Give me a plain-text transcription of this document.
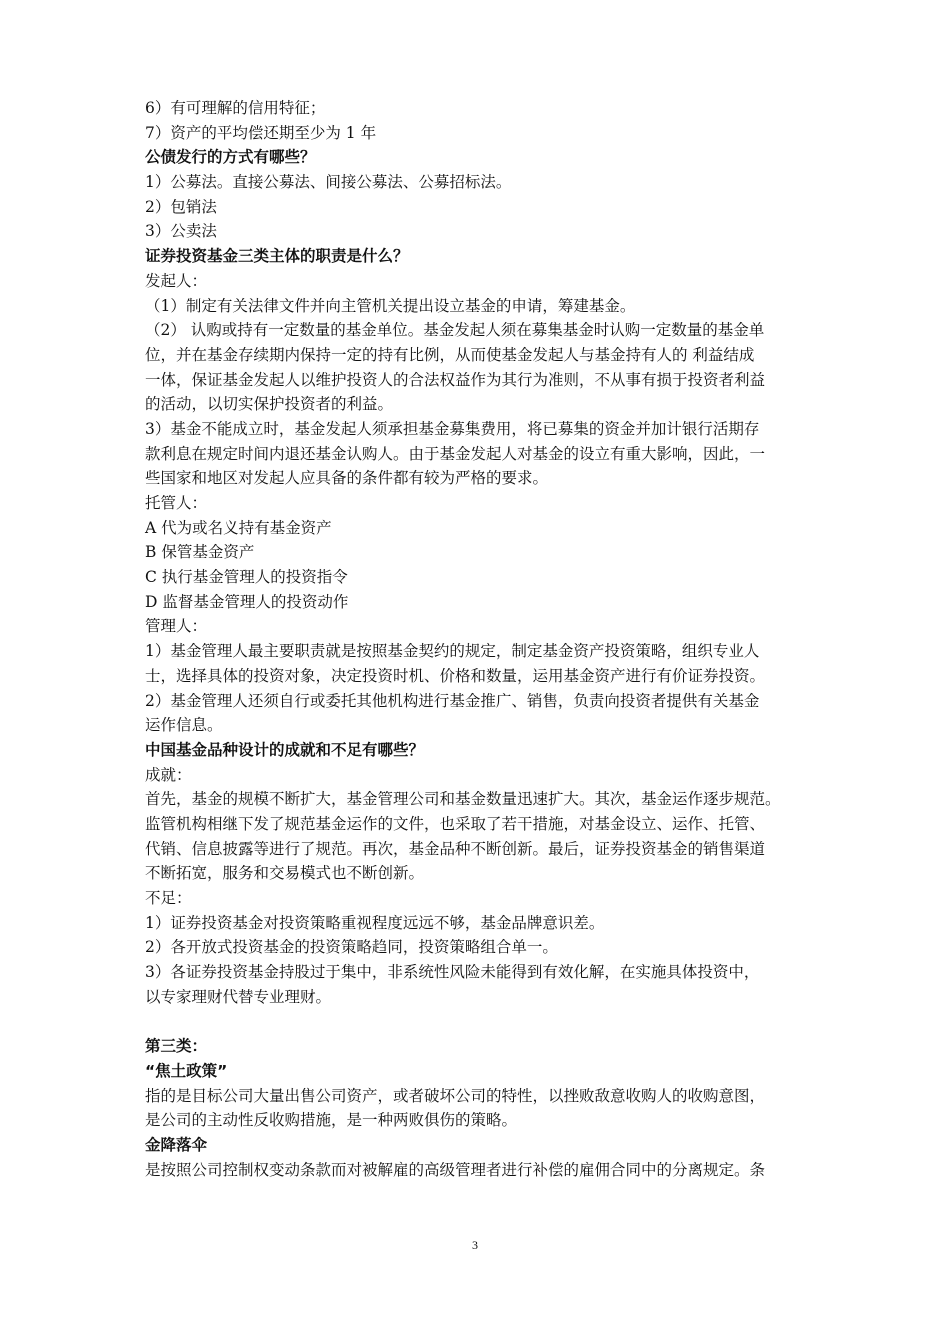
6）有可理解的信用特征；
7）资产的平均偿还期至少为 1 年
公债发行的方式有哪些？
1）公募法。直接公募法、间接公募法、公募招标法。
2）包销法
3）公卖法
证券投资基金三类主体的职责是什么？
发起人：
（1）制定有关法律文件并向主管机关提出设立基金的申请，筹建基金。
（2） 认购或持有一定数量的基金单位。基金发起人须在募集基金时认购一定数量的基金单
位，并在基金存续期内保持一定的持有比例，从而使基金发起人与基金持有人的 利益结成
一体，保证基金发起人以维护投资人的合法权益作为其行为准则，不从事有损于投资者利益
的活动，以切实保护投资者的利益。
3）基金不能成立时，基金发起人须承担基金募集费用，将已募集的资金并加计银行活期存
款利息在规定时间内退还基金认购人。由于基金发起人对基金的设立有重大影响，因此，一
些国家和地区对发起人应具备的条件都有较为严格的要求。
托管人：
A 代为或名义持有基金资产
B 保管基金资产
C 执行基金管理人的投资指令
D 监督基金管理人的投资动作
管理人：
1）基金管理人最主要职责就是按照基金契约的规定，制定基金资产投资策略，组织专业人
士，选择具体的投资对象，决定投资时机、价格和数量，运用基金资产进行有价证券投资。
2）基金管理人还须自行或委托其他机构进行基金推广、销售，负责向投资者提供有关基金
运作信息。
中国基金品种设计的成就和不足有哪些？
成就：
首先，基金的规模不断扩大，基金管理公司和基金数量迅速扩大。其次，基金运作逐步规范。
监管机构相继下发了规范基金运作的文件，也采取了若干措施，对基金设立、运作、托管、
代销、信息披露等进行了规范。再次，基金品种不断创新。最后，证券投资基金的销售渠道
不断拓宽，服务和交易模式也不断创新。
不足：
1）证券投资基金对投资策略重视程度远远不够，基金品牌意识差。
2）各开放式投资基金的投资策略趋同，投资策略组合单一。
3）各证券投资基金持股过于集中，非系统性风险未能得到有效化解，在实施具体投资中，
以专家理财代替专业理财。
第三类：
“焦土政策”
指的是目标公司大量出售公司资产，或者破坏公司的特性，以挫败敌意收购人的收购意图，
是公司的主动性反收购措施，是一种两败俱伤的策略。
金降落伞
是按照公司控制权变动条款而对被解雇的高级管理者进行补偿的雇佣合同中的分离规定。条
3
